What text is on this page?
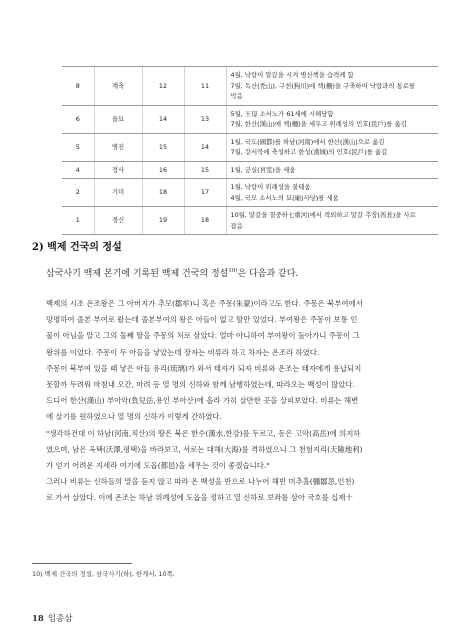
8	계축	12	11	4월, 낙랑이 말갈을 시켜 병산책을 습격케 함
7월, 독산(禿山), 구천(狗川)에 책(柵)을 구축하여 낙랑과의 통로를
막음

6	을묘	14	13	5월, 王母 소서노가 61세에 시해당함
7월, 한산(漢山)에 책(柵)을 세우고 위례성의 민호(民戶)를 옮김

5	병진	15	14	1월, 국도(國都)를 하남(河南)에서 한산(漢山)으로 옮김
7월, 강서북에 축성하고 한성(漢城)의 민호(民戶)를 옮김

4	정사	16	15	1월, 궁실(宮室)을 세움

2	기미	18	17	1월, 낙랑이 위례성을 불태움
4월, 국모 소서노의 묘(廟)사당)를 세움

1	경신	19	18	10월, 말갈을 칠중하七重河)에서 격퇴하고 말갈 추장(酋長)을 사로
잡음
2) 백제 건국의 정설
삼국사기 백제 본기에 기록된 백제 건국의 정설$^{10)}$은 다음과 같다.

백제의 시조 온조왕은 그 아버지가 추모(鄒牟)니 혹은 주몽(朱蒙)이라고도 한다. 주몽은 북부여에서

망명하여 졸본 부여로 왔는데 졸본부여의 왕은 아들이 없고 딸만 있었다. 부여왕은 주몽이 보통 인

물이 아님을 알고 그의 둘째 딸을 주몽의 처로 삼았다. 얼마 아니하여 부여왕이 돌아가니 주몽이 그

왕위를 이었다. 주몽이 두 아들을 낳았는데 장자는 비류라 하고 차자는 온조라 하였다.

주몽이 북부여 있을 때 낳은 아들 유리(琉璃)가 와서 태자가 되자 비류와 온조는 태자에게 용납되지

못할까 두려워 마침내 오간, 마려 등 열 명의 신하와 함께 남행하였는데, 따라오는 백성이 많았다.

드디어 한산(漢山) 부아악(負兒岳,용인 부아산)에 올라 가히 살만한 곳을 살피보았다. 비류는 해변

에 살기를 원하였으나 열 명의 신하가 이렇게 간하였다.

"생각하건대 이 하남(河南,직산)의 땅은 북은 한수(漢水,한강)를 두르고, 동은 고악(高岳)에 의지하

였으며, 남은 옥택(沃澤,평택)을 바라보고, 서로는 대해(大海)를 격하였으니 그 천험지리(天險地利)

가 얻기 어려운 지세라 여기에 도읍(都邑)을 세우는 것이 좋겠습니다."

그러나 비류는 신하들의 말을 듣지 않고 따라 온 백성을 반으로 나누어 해빈 미추홀(彌鄒忽,인천)

로 가서 살았다. 이에 온조는 하남 위례성에 도읍을 정하고 열 신하로 보좌를 삼아 국호를 십제十

10) 백제 건국의 정설, 삼국사기(하), 한계서, 10쪽.
18 임종삼
